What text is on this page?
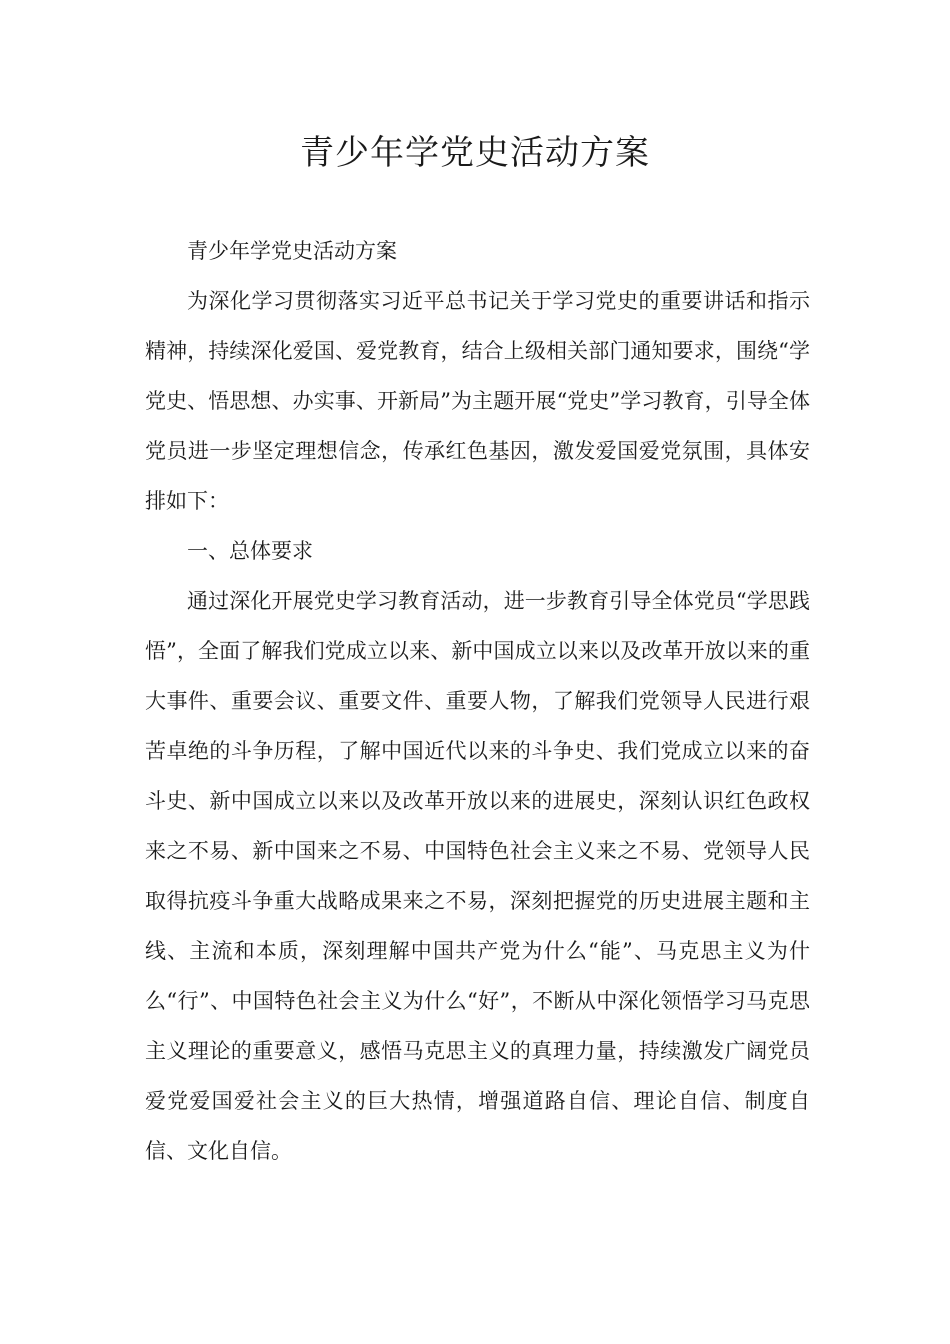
青少年学党史活动方案

青少年学党史活动方案

为深化学习贯彻落实习近平总书记关于学习党史的重要讲话和指示精神，持续深化爱国、爱党教育，结合上级相关部门通知要求，围绕“学党史、悟思想、办实事、开新局”为主题开展“党史”学习教育，引导全体党员进一步坚定理想信念，传承红色基因，激发爱国爱党氛围，具体安排如下：

一、总体要求

通过深化开展党史学习教育活动，进一步教育引导全体党员“学思践悟”，全面了解我们党成立以来、新中国成立以来以及改革开放以来的重大事件、重要会议、重要文件、重要人物，了解我们党领导人民进行艰苦卓绝的斗争历程，了解中国近代以来的斗争史、我们党成立以来的奋斗史、新中国成立以来以及改革开放以来的进展史，深刻认识红色政权来之不易、新中国来之不易、中国特色社会主义来之不易、党领导人民取得抗疫斗争重大战略成果来之不易，深刻把握党的历史进展主题和主线、主流和本质，深刻理解中国共产党为什么“能”、马克思主义为什么“行”、中国特色社会主义为什么“好”，不断从中深化领悟学习马克思主义理论的重要意义，感悟马克思主义的真理力量，持续激发广阔党员爱党爱国爱社会主义的巨大热情，增强道路自信、理论自信、制度自信、文化自信。
